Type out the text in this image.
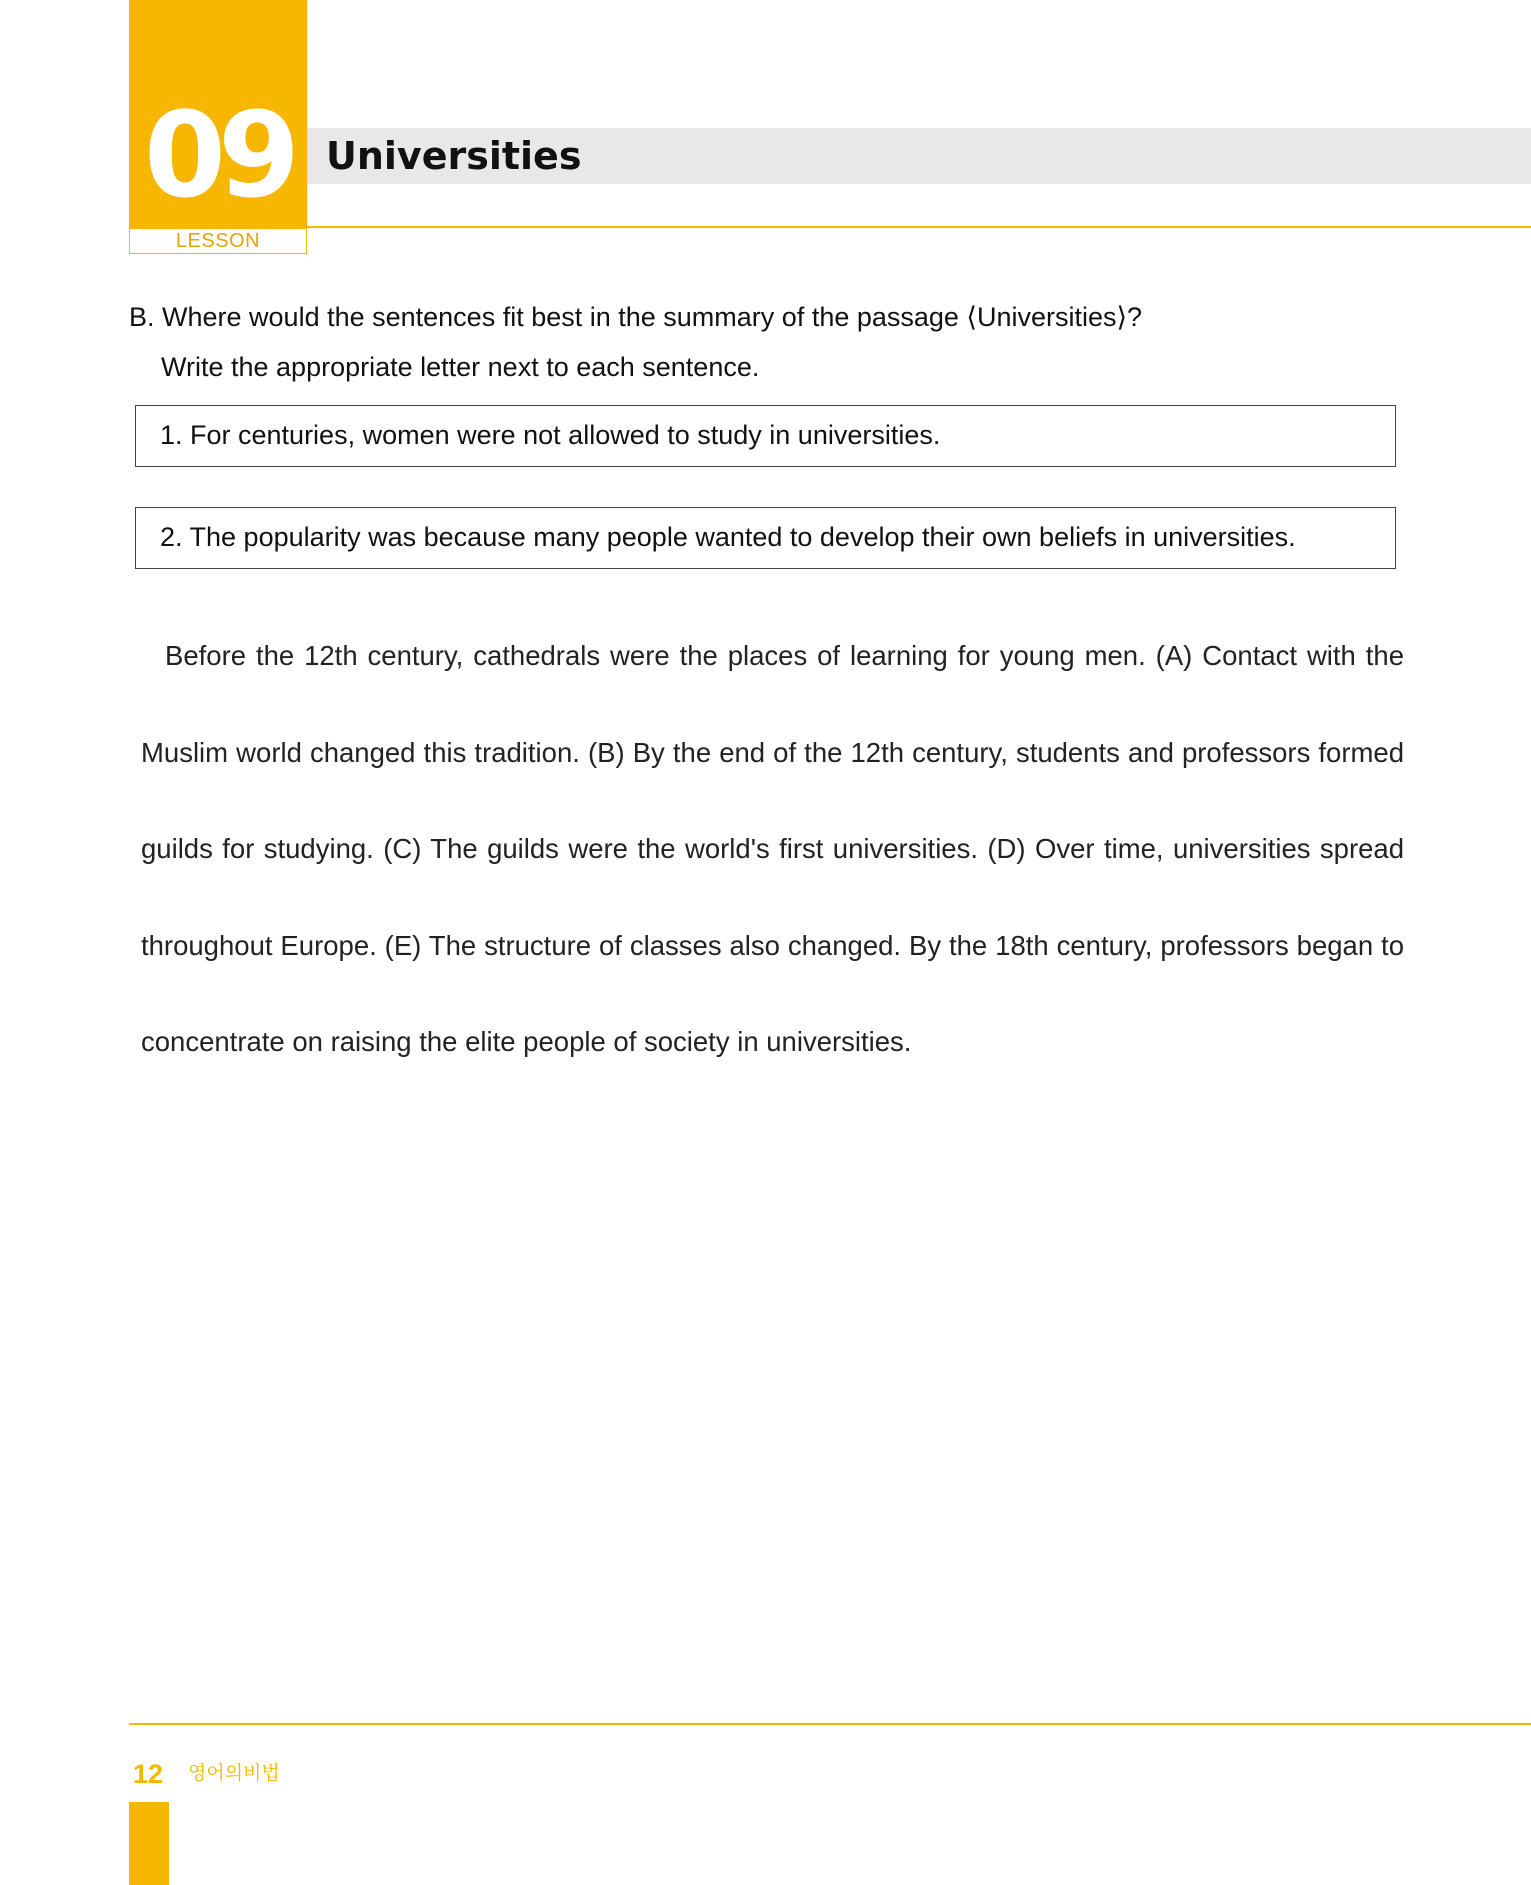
09
LESSON
Universities
B. Where would the sentences fit best in the summary of the passage ⟨Universities⟩?
Write the appropriate letter next to each sentence.
1. For centuries, women were not allowed to study in universities.
2. The popularity was because many people wanted to develop their own beliefs in universities.
Before the 12th century, cathedrals were the places of learning for young men. (A) Contact with the Muslim world changed this tradition. (B) By the end of the 12th century, students and professors formed guilds for studying. (C) The guilds were the world's first universities. (D) Over time, universities spread throughout Europe. (E) The structure of classes also changed. By the 18th century, professors began to concentrate on raising the elite people of society in universities.
12 영어의비법
